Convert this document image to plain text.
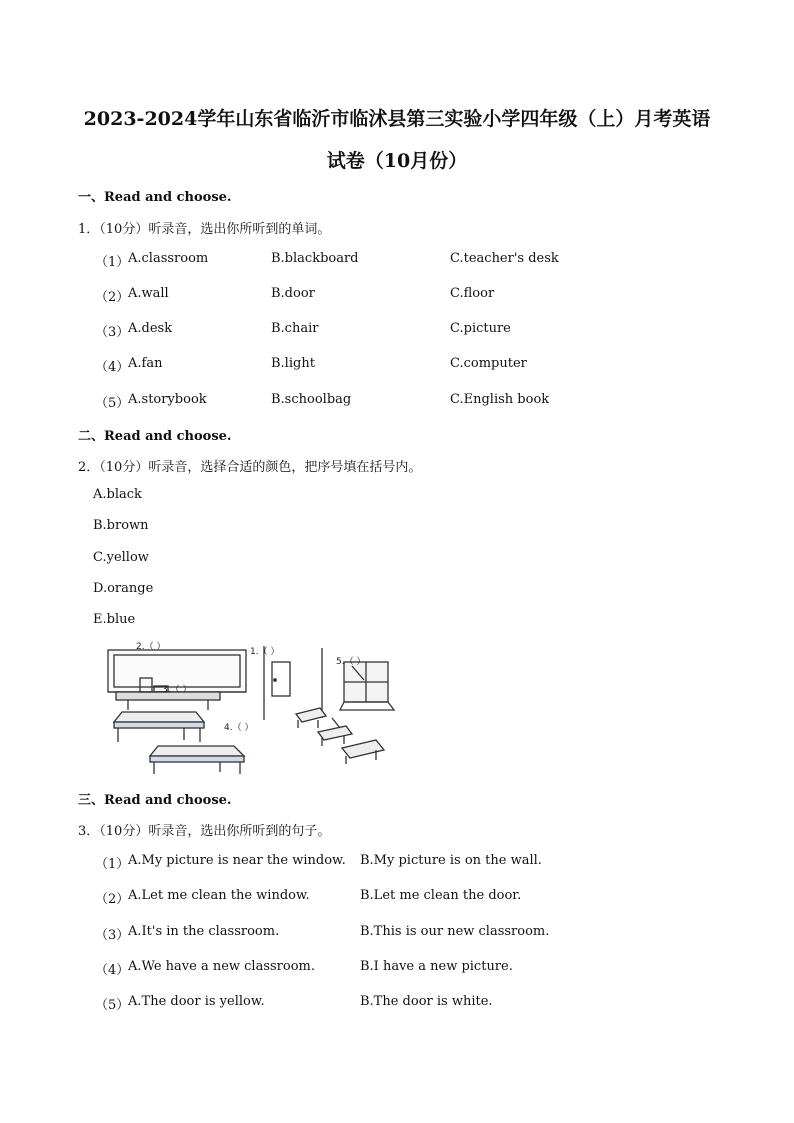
2023-2024学年山东省临沂市临沭县第三实验小学四年级（上）月考英语
试卷（10月份）
一、Read and choose.
1．（10分）听录音，选出你所听到的单词。
（1）
A.classroom	B.blackboard	C.teacher's desk
（2）
A.wall	B.door	C.floor
（3）
A.desk	B.chair	C.picture
（4）
A.fan	B.light	C.computer
（5）
A.storybook	B.schoolbag	C.English book
二、Read and choose.
2．（10分）听录音，选择合适的颜色，把序号填在括号内。
A.black
B.brown
C.yellow
D.orange
E.blue
2.（ ）	1.（ ）
5.（ ）
3.（ ）
4.（ ）
三、Read and choose.
3．（10分）听录音，选出你所听到的句子。
（1）
A.My picture is near the window. B.My picture is on the wall.
（2）
A.Let me clean the window.	B.Let me clean the door.
（3）
A.It's in the classroom.	B.This is our new classroom.
（4）
A.We have a new classroom.	B.I have a new picture.
（5）
A.The door is yellow.	B.The door is white.
